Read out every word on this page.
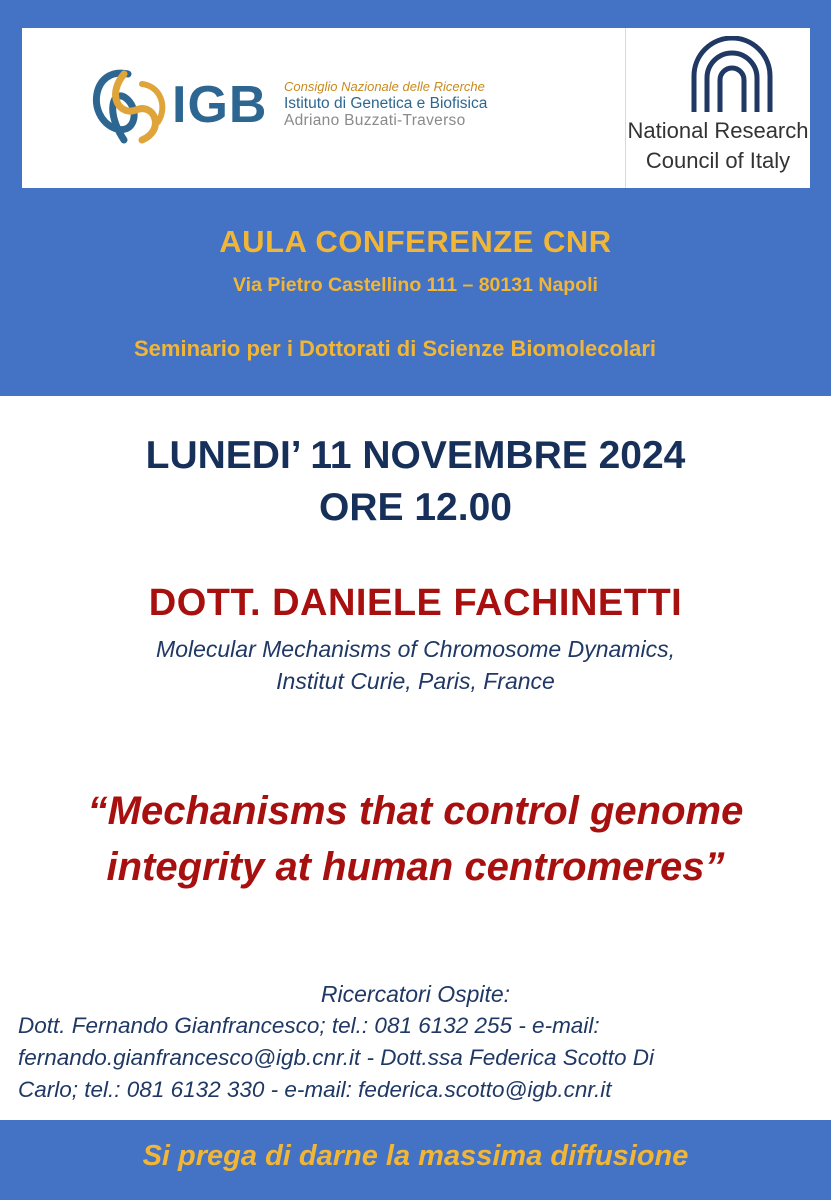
IGB Consiglio Nazionale delle Ricerche
Istituto di Genetica e Biofisica
Adriano Buzzati-Traverso	National Research
Council of Italy
AULA CONFERENZE CNR
Via Pietro Castellino 111 – 80131 Napoli
Seminario per i Dottorati di Scienze Biomolecolari
LUNEDI’ 11 NOVEMBRE 2024
ORE 12.00
DOTT. DANIELE FACHINETTI
Molecular Mechanisms of Chromosome Dynamics,
Institut Curie, Paris, France
“Mechanisms that control genome
integrity at human centromeres”
Ricercatori Ospite:
Dott. Fernando Gianfrancesco; tel.: 081 6132 255 - e-mail:
fernando.gianfrancesco@igb.cnr.it - Dott.ssa Federica Scotto Di
Carlo; tel.: 081 6132 330 - e-mail: federica.scotto@igb.cnr.it
Si prega di darne la massima diffusione
